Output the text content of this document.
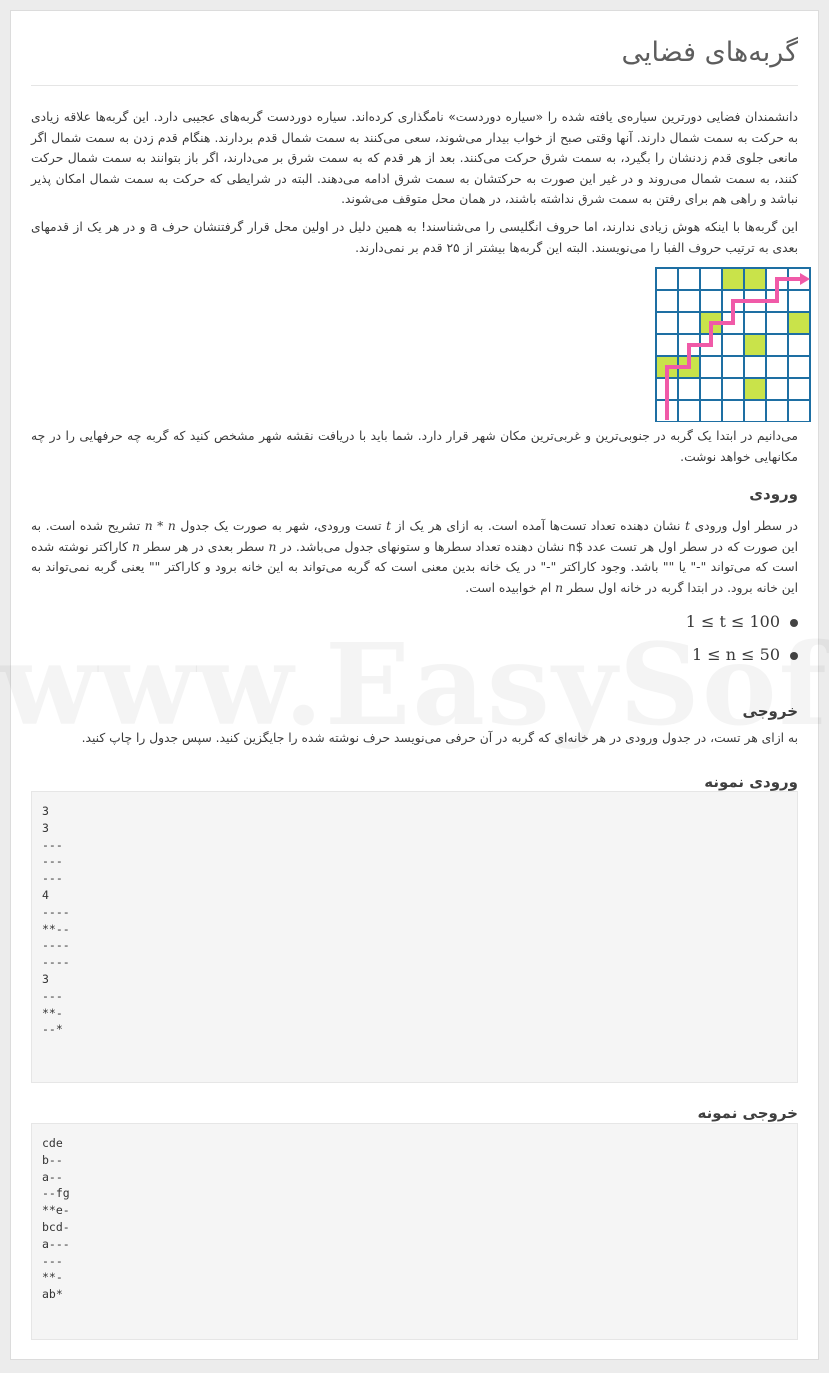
گربه‌های فضایی

دانشمندان فضایی دورترین سیاره‌ی یافته شده را «سیاره دوردست» نامگذاری کرده‌اند. سیاره دوردست گربه‌های عجیبی دارد. این گربه‌ها علاقه زیادی به حرکت به سمت شمال دارند. آنها وقتی صبح از خواب بیدار می‌شوند، سعی می‌کنند به سمت شمال قدم بردارند. هنگام قدم زدن به سمت شمال اگر مانعی جلوی قدم زدنشان را بگیرد، به سمت شرق حرکت می‌کنند. بعد از هر قدم که به سمت شرق بر می‌دارند، اگر باز بتوانند به سمت شمال حرکت کنند، به سمت شمال می‌روند و در غیر این صورت به حرکتشان به سمت شرق ادامه می‌دهند. البته در شرایطی که حرکت به سمت شمال امکان پذیر نباشد و راهی هم برای رفتن به سمت شرق نداشته باشند، در همان محل متوقف می‌شوند.

این گربه‌ها با اینکه هوش زیادی ندارند، اما حروف انگلیسی را می‌شناسند! به همین دلیل در اولین محل قرار گرفتنشان حرف a و در هر یک از قدمهای بعدی به ترتیب حروف الفبا را می‌نویسند. البته این گربه‌ها بیشتر از ۲۵ قدم بر نمی‌دارند.

می‌دانیم در ابتدا یک گربه در جنوبی‌ترین و غربی‌ترین مکان شهر قرار دارد. شما باید با دریافت نقشه شهر مشخص کنید که گربه چه حرفهایی را در چه مکانهایی خواهد نوشت.

ورودی

در سطر اول ورودی t نشان دهنده تعداد تست‌ها آمده است. به ازای هر یک از t تست ورودی، شهر به صورت یک جدول n * n تشریح شده است. به این صورت که در سطر اول هر تست عدد n$ نشان دهنده تعداد سطرها و ستونهای جدول می‌باشد. در n سطر بعدی در هر سطر n کاراکتر نوشته شده است که می‌تواند "-" یا "" باشد. وجود کاراکتر "-" در یک خانه بدین معنی است که گربه می‌تواند به این خانه برود و کاراکتر "" یعنی گربه نمی‌تواند به این خانه برود. در ابتدا گربه در خانه اول سطر n ام خوابیده است.

1 ≤ t ≤ 100
1 ≤ n ≤ 50
خروجی

به ازای هر تست، در جدول ورودی در هر خانه‌ای که گربه در آن حرفی می‌نویسد حرف نوشته شده را جایگزین کنید. سپس جدول را چاپ کنید.

ورودی نمونه
3
3
---
---
---
4
----
**--
----
----
3
---
**-
--*
خروجی نمونه
cde
b--
a--
--fg
**e-
bcd-
a---
---
**-
ab*
